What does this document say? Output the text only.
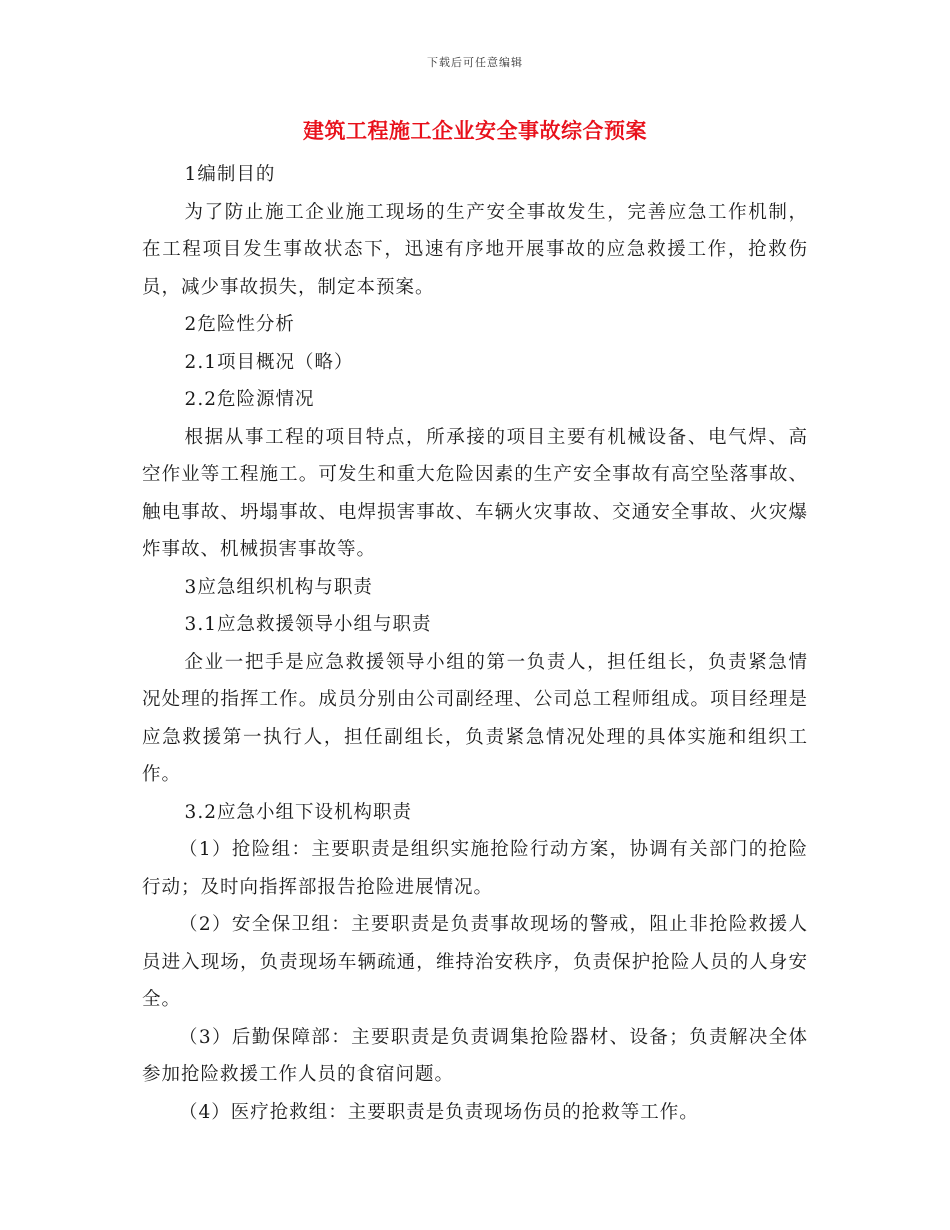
下载后可任意编辑
建筑工程施工企业安全事故综合预案

1编制目的

为了防止施工企业施工现场的生产安全事故发生，完善应急工作机制，在工程项目发生事故状态下，迅速有序地开展事故的应急救援工作，抢救伤员，减少事故损失，制定本预案。

2危险性分析

2.1项目概况（略）

2.2危险源情况

根据从事工程的项目特点，所承接的项目主要有机械设备、电气焊、高空作业等工程施工。可发生和重大危险因素的生产安全事故有高空坠落事故、触电事故、坍塌事故、电焊损害事故、车辆火灾事故、交通安全事故、火灾爆炸事故、机械损害事故等。

3应急组织机构与职责

3.1应急救援领导小组与职责

企业一把手是应急救援领导小组的第一负责人，担任组长，负责紧急情况处理的指挥工作。成员分别由公司副经理、公司总工程师组成。项目经理是应急救援第一执行人，担任副组长，负责紧急情况处理的具体实施和组织工作。

3.2应急小组下设机构职责

（1）抢险组：主要职责是组织实施抢险行动方案，协调有关部门的抢险行动；及时向指挥部报告抢险进展情况。

（2）安全保卫组：主要职责是负责事故现场的警戒，阻止非抢险救援人员进入现场，负责现场车辆疏通，维持治安秩序，负责保护抢险人员的人身安全。

（3）后勤保障部：主要职责是负责调集抢险器材、设备；负责解决全体参加抢险救援工作人员的食宿问题。

（4）医疗抢救组：主要职责是负责现场伤员的抢救等工作。
